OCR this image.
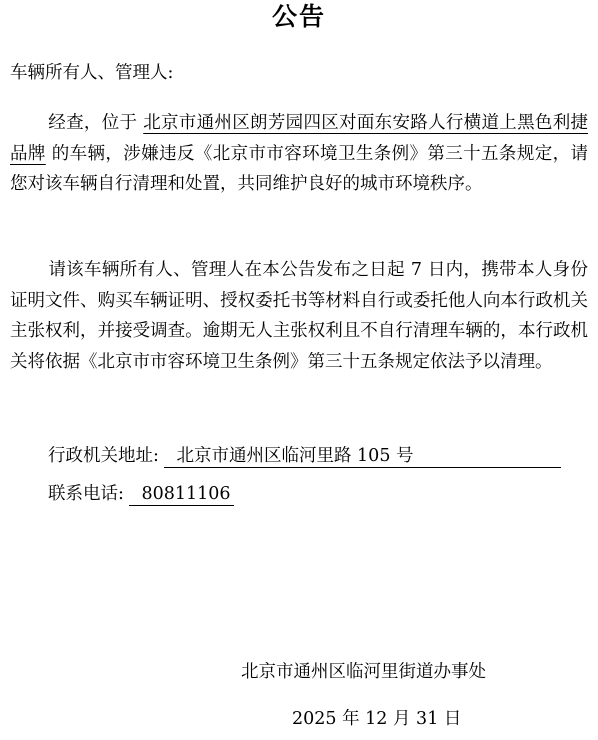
公告
车辆所有人、管理人:
经查，位于 北京市通州区朗芳园四区对面东安路人行横道上黑色利捷品牌 的车辆，涉嫌违反《北京市市容环境卫生条例》第三十五条规定，请您对该车辆自行清理和处置，共同维护良好的城市环境秩序。
请该车辆所有人、管理人在本公告发布之日起 7 日内，携带本人身份证明文件、购买车辆证明、授权委托书等材料自行或委托他人向本行政机关主张权利，并接受调查。逾期无人主张权利且不自行清理车辆的，本行政机关将依据《北京市市容环境卫生条例》第三十五条规定依法予以清理。
行政机关地址: 北京市通州区临河里路 105 号
联系电话: 80811106
北京市通州区临河里街道办事处
2025 年 12 月 31 日
